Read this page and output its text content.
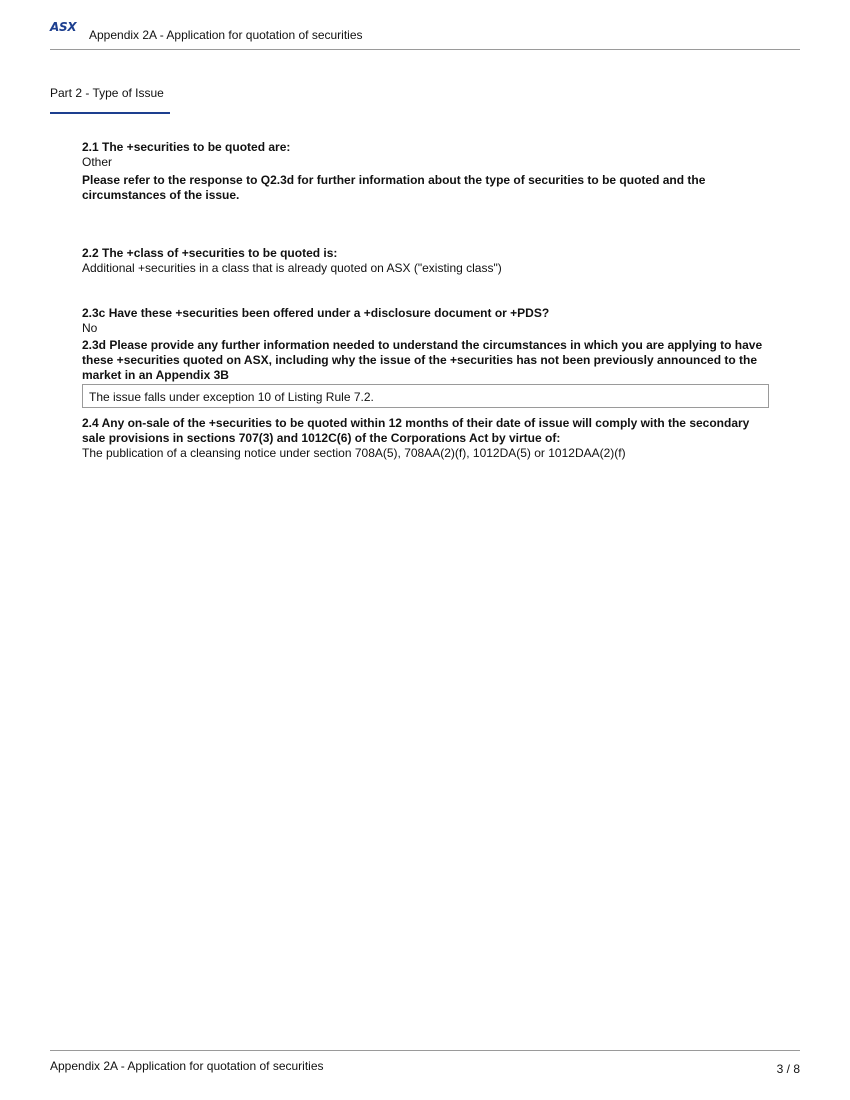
ASX
Appendix 2A - Application for quotation of securities
Part 2 - Type of Issue
2.1 The +securities to be quoted are:
Other
Please refer to the response to Q2.3d for further information about the type of securities to be quoted and the circumstances of the issue.
2.2 The +class of +securities to be quoted is:
Additional +securities in a class that is already quoted on ASX ("existing class")
2.3c Have these +securities been offered under a +disclosure document or +PDS?
No
2.3d Please provide any further information needed to understand the circumstances in which you are applying to have these +securities quoted on ASX, including why the issue of the +securities has not been previously announced to the market in an Appendix 3B
The issue falls under exception 10 of Listing Rule 7.2.
2.4 Any on-sale of the +securities to be quoted within 12 months of their date of issue will comply with the secondary sale provisions in sections 707(3) and 1012C(6) of the Corporations Act by virtue of:
The publication of a cleansing notice under section 708A(5), 708AA(2)(f), 1012DA(5) or 1012DAA(2)(f)
Appendix 2A - Application for quotation of securities	3 / 8
